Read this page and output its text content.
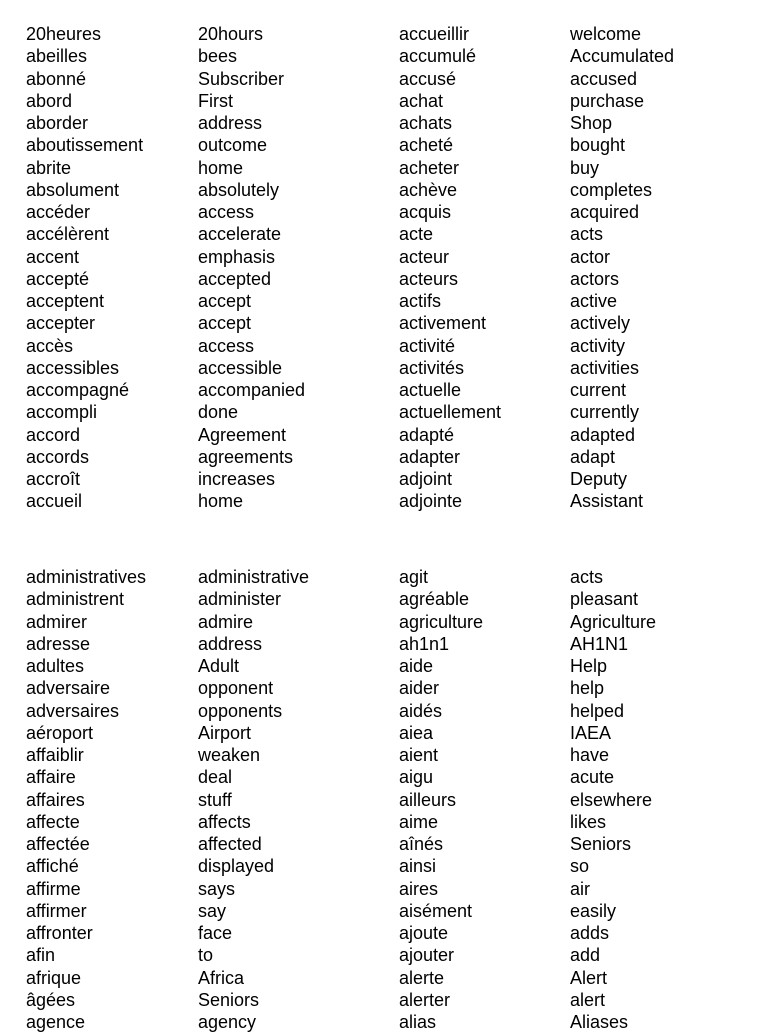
20heures
abeilles
abonné
abord
aborder
aboutissement
abrite
absolument
accéder
accélèrent
accent
accepté
acceptent
accepter
accès
accessibles
accompagné
accompli
accord
accords
accroît
accueil
20hours
bees
Subscriber
First
address
outcome
home
absolutely
access
accelerate
emphasis
accepted
accept
accept
access
accessible
accompanied
done
Agreement
agreements
increases
home
accueillir
accumulé
accusé
achat
achats
acheté
acheter
achève
acquis
acte
acteur
acteurs
actifs
activement
activité
activités
actuelle
actuellement
adapté
adapter
adjoint
adjointe
welcome
Accumulated
accused
purchase
Shop
bought
buy
completes
acquired
acts
actor
actors
active
actively
activity
activities
current
currently
adapted
adapt
Deputy
Assistant
administratives
administrent
admirer
adresse
adultes
adversaire
adversaires
aéroport
affaiblir
affaire
affaires
affecte
affectée
affiché
affirme
affirmer
affronter
afin
afrique
âgées
agence
administrative
administer
admire
address
Adult
opponent
opponents
Airport
weaken
deal
stuff
affects
affected
displayed
says
say
face
to
Africa
Seniors
agency
agit
agréable
agriculture
ah1n1
aide
aider
aidés
aiea
aient
aigu
ailleurs
aime
aînés
ainsi
aires
aisément
ajoute
ajouter
alerte
alerter
alias
acts
pleasant
Agriculture
AH1N1
Help
help
helped
IAEA
have
acute
elsewhere
likes
Seniors
so
air
easily
adds
add
Alert
alert
Aliases
